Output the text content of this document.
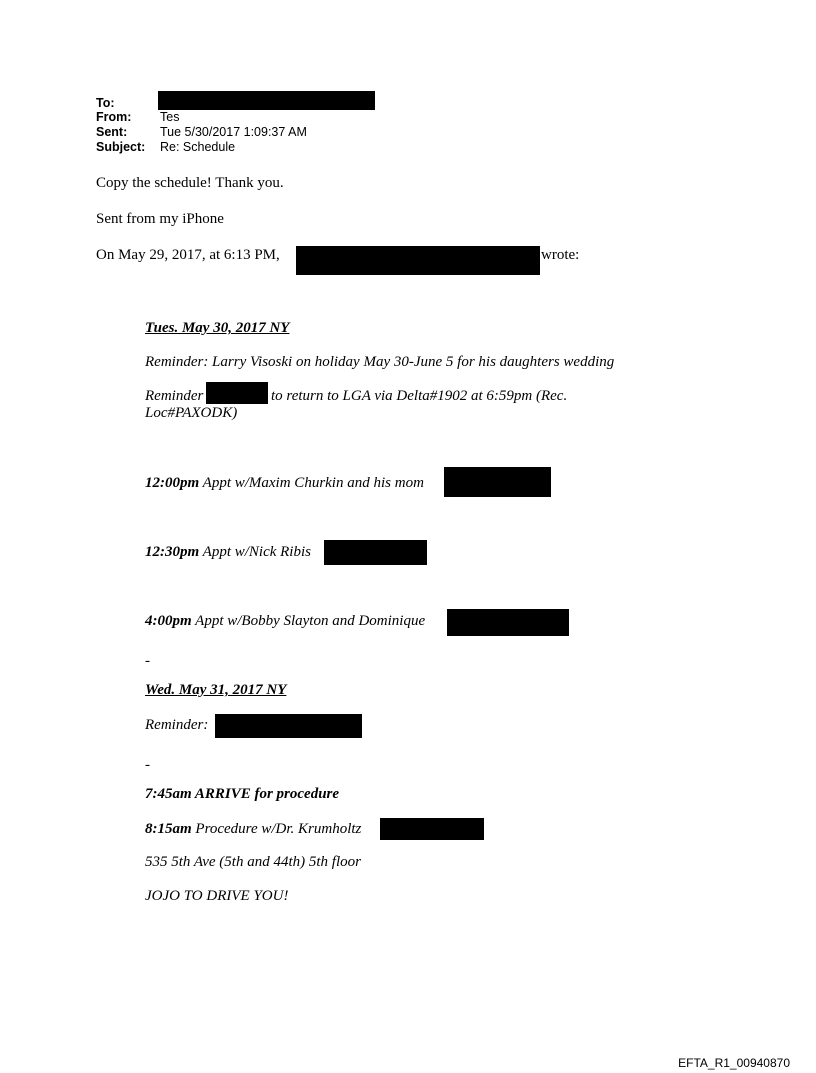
To:
From: Tes
Sent:	Tue 5/30/2017 1:09:37 AM
Subject: Re: Schedule
Copy the schedule! Thank you.
Sent from my iPhone
On May 29, 2017, at 6:13 PM,	wrote:
Tues. May 30, 2017 NY
Reminder: Larry Visoski on holiday May 30-June 5 for his daughters wedding
Reminder	to return to LGA via Delta#1902 at 6:59pm (Rec.
Loc#PAXODK)
12:00pm Appt w/Maxim Churkin and his mom
12:30pm Appt w/Nick Ribis
4:00pm Appt w/Bobby Slayton and Dominique
-
Wed. May 31, 2017 NY
Reminder:
-
7:45am ARRIVE for procedure
8:15am Procedure w/Dr. Krumholtz
535 5th Ave (5th and 44th) 5th floor
JOJO TO DRIVE YOU!
EFTA_R1_00940870
